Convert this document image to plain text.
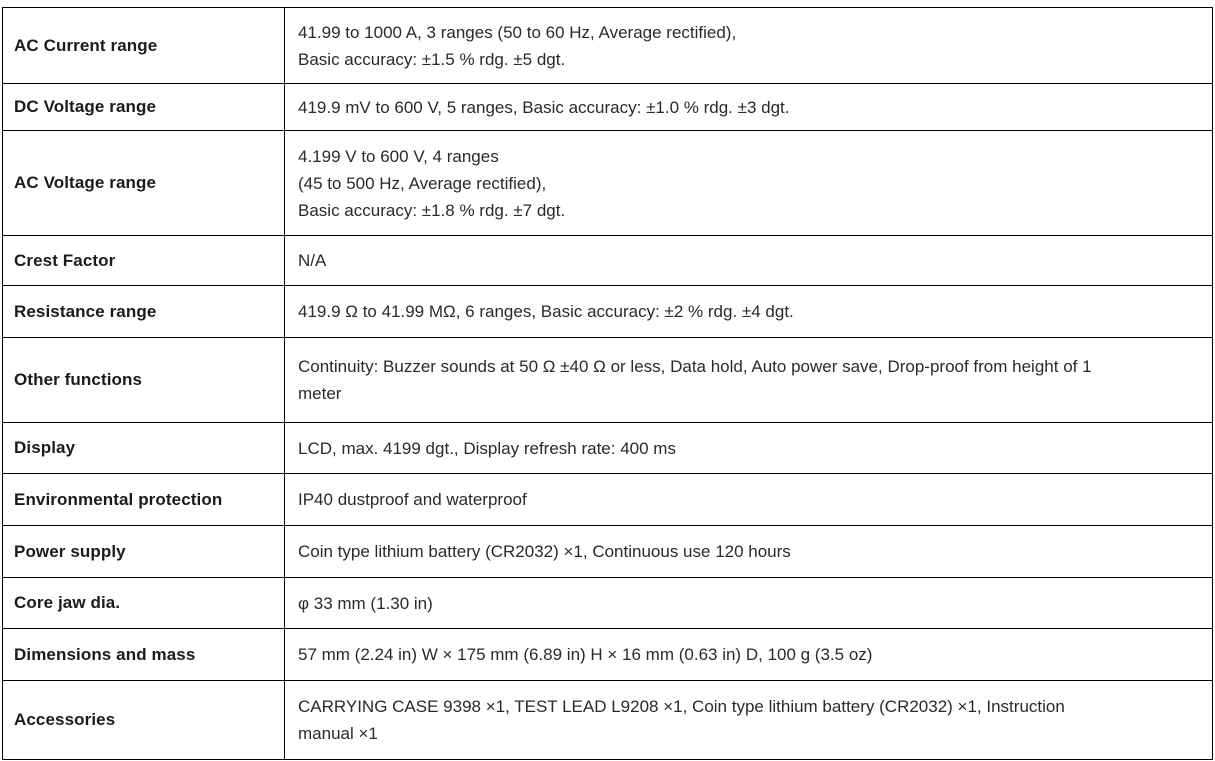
AC Current range	41.99 to 1000 A, 3 ranges (50 to 60 Hz, Average rectified),
Basic accuracy: ±1.5 % rdg. ±5 dgt.

DC Voltage range	419.9 mV to 600 V, 5 ranges, Basic accuracy: ±1.0 % rdg. ±3 dgt.

AC Voltage range	4.199 V to 600 V, 4 ranges
(45 to 500 Hz, Average rectified),
Basic accuracy: ±1.8 % rdg. ±7 dgt.

Crest Factor	N/A

Resistance range	419.9 Ω to 41.99 MΩ, 6 ranges, Basic accuracy: ±2 % rdg. ±4 dgt.

Other functions	Continuity: Buzzer sounds at 50 Ω ±40 Ω or less, Data hold, Auto power save, Drop-proof from height of 1
meter

Display	LCD, max. 4199 dgt., Display refresh rate: 400 ms

Environmental protection	IP40 dustproof and waterproof

Power supply	Coin type lithium battery (CR2032) ×1, Continuous use 120 hours

Core jaw dia.	φ 33 mm (1.30 in)

Dimensions and mass	57 mm (2.24 in) W × 175 mm (6.89 in) H × 16 mm (0.63 in) D, 100 g (3.5 oz)

Accessories	CARRYING CASE 9398 ×1, TEST LEAD L9208 ×1, Coin type lithium battery (CR2032) ×1, Instruction
manual ×1
